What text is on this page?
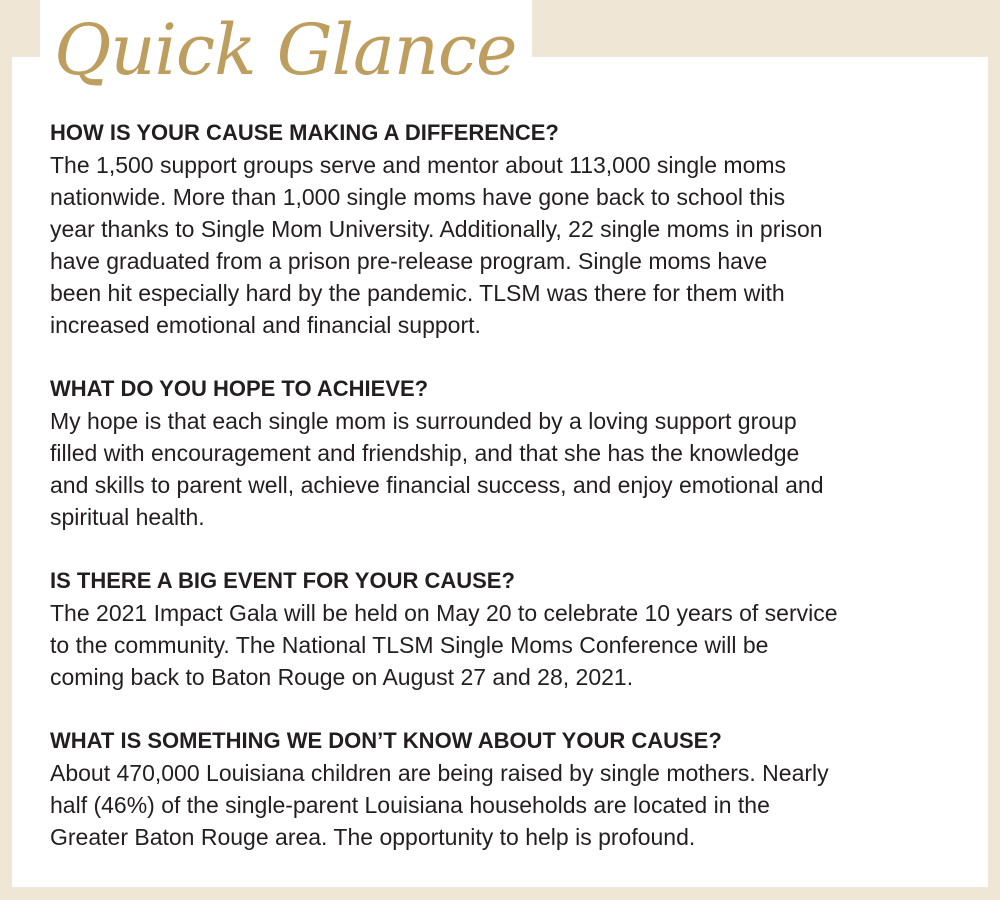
Quick Glance

HOW IS YOUR CAUSE MAKING A DIFFERENCE?

The 1,500 support groups serve and mentor about 113,000 single moms
nationwide. More than 1,000 single moms have gone back to school this
year thanks to Single Mom University. Additionally, 22 single moms in prison
have graduated from a prison pre-release program. Single moms have
been hit especially hard by the pandemic. TLSM was there for them with
increased emotional and financial support.

WHAT DO YOU HOPE TO ACHIEVE?

My hope is that each single mom is surrounded by a loving support group
filled with encouragement and friendship, and that she has the knowledge
and skills to parent well, achieve financial success, and enjoy emotional and
spiritual health.

IS THERE A BIG EVENT FOR YOUR CAUSE?

The 2021 Impact Gala will be held on May 20 to celebrate 10 years of service
to the community. The National TLSM Single Moms Conference will be
coming back to Baton Rouge on August 27 and 28, 2021.

WHAT IS SOMETHING WE DON’T KNOW ABOUT YOUR CAUSE?

About 470,000 Louisiana children are being raised by single mothers. Nearly
half (46%) of the single-parent Louisiana households are located in the
Greater Baton Rouge area. The opportunity to help is profound.
